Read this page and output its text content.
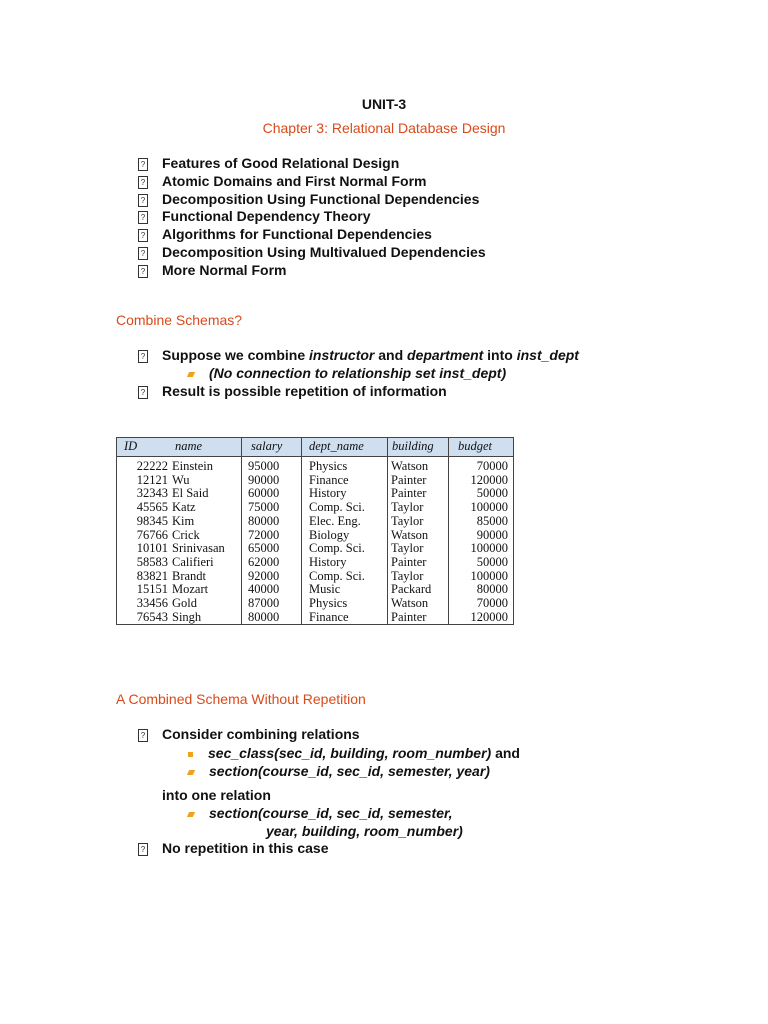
UNIT-3
Chapter 3: Relational Database Design
? Features of Good Relational Design
? Atomic Domains and First Normal Form
? Decomposition Using Functional Dependencies
? Functional Dependency Theory
? Algorithms for Functional Dependencies
? Decomposition Using Multivalued Dependencies
? More Normal Form
Combine Schemas?
? Suppose we combine instructor and department into inst_dept
(No connection to relationship set inst_dept)
? Result is possible repetition of information
ID	name	salary dept_name building budget
22222 Einstein	95000	Physics	Watson	70000
12121 Wu	90000	Finance	Painter	120000
32343 El Said	60000	History	Painter	50000
45565 Katz	75000	Comp. Sci.	Taylor	100000
98345 Kim	80000	Elec. Eng.	Taylor	85000
76766 Crick	72000	Biology	Watson	90000
10101 Srinivasan	65000	Comp. Sci.	Taylor	100000
58583 Califieri	62000	History	Painter	50000
83821 Brandt	92000	Comp. Sci.	Taylor	100000
15151 Mozart	40000	Music	Packard	80000
33456 Gold	87000	Physics	Watson	70000
76543 Singh	80000	Finance	Painter	120000
A Combined Schema Without Repetition
? Consider combining relations
sec_class(sec_id, building, room_number) and
section(course_id, sec_id, semester, year)
into one relation
section(course_id, sec_id, semester,
year, building, room_number)
? No repetition in this case
